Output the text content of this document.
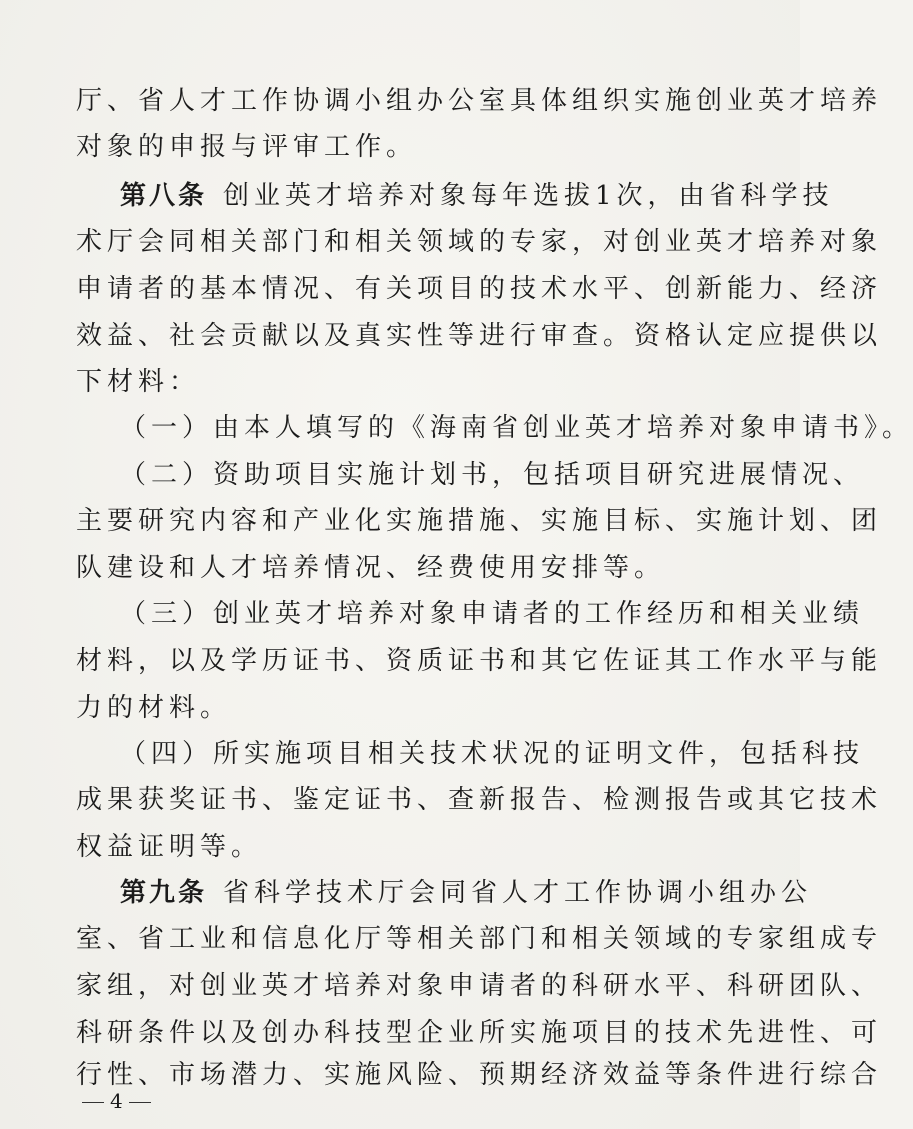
厅、省人才工作协调小组办公室具体组织实施创业英才培养
对象的申报与评审工作。
第八条 创业英才培养对象每年选拔1次，由省科学技
术厅会同相关部门和相关领域的专家，对创业英才培养对象
申请者的基本情况、有关项目的技术水平、创新能力、经济
效益、社会贡献以及真实性等进行审查。资格认定应提供以
下材料：
（一）由本人填写的《海南省创业英才培养对象申请书》。
（二）资助项目实施计划书，包括项目研究进展情况、
主要研究内容和产业化实施措施、实施目标、实施计划、团
队建设和人才培养情况、经费使用安排等。
（三）创业英才培养对象申请者的工作经历和相关业绩
材料，以及学历证书、资质证书和其它佐证其工作水平与能
力的材料。
（四）所实施项目相关技术状况的证明文件，包括科技
成果获奖证书、鉴定证书、查新报告、检测报告或其它技术
权益证明等。
第九条 省科学技术厅会同省人才工作协调小组办公
室、省工业和信息化厅等相关部门和相关领域的专家组成专
家组，对创业英才培养对象申请者的科研水平、科研团队、
科研条件以及创办科技型企业所实施项目的技术先进性、可
行性、市场潜力、实施风险、预期经济效益等条件进行综合
4
